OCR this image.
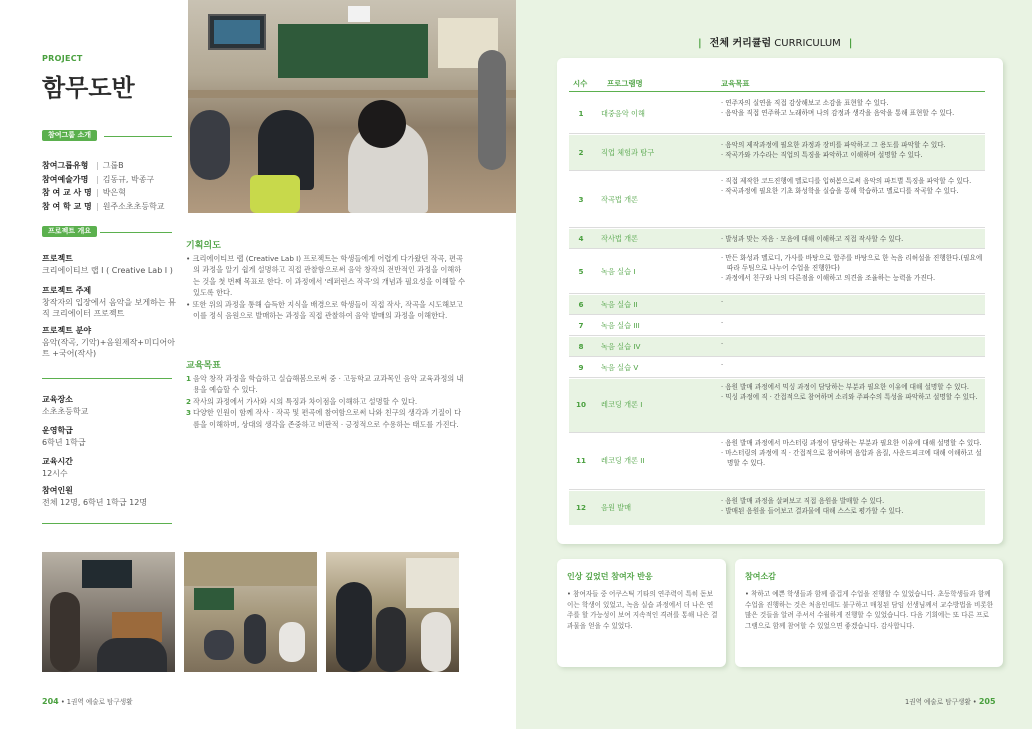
PROJECT
함무도반
참여그룹 소개
참여그룹유형 | 그룹B
참여예술가명 | 김동규, 박종구
참 여 교 사 명 | 박은혁
참 여 학 교 명 | 원주소초초등학교
프로젝트 개요
프로젝트
크리에이티브 랩 I ( Creative Lab I )
프로젝트 주제
창작자의 입장에서 음악을 보게하는 뮤직 크리에이터 프로젝트
프로젝트 분야
음악(작곡, 기악)+음원제작+미디어아트 +국어(작사)
교육장소
소초초등학교
운영학급
6학년 1학급
교육시간
12시수
참여인원
전체 12명, 6학년 1학급 12명
기획의도
• 크리에이티브 랩 (Creative Lab I) 프로젝트는 학생들에게 어렵게 다가왔던 작곡, 편곡의 과정을 알기 쉽게 설명하고 직접 관찰함으로써 음악 창작의 전반적인 과정을 이해하는 것을 첫 번째 목표로 한다. 이 과정에서 '레퍼런스 작곡'의 개념과 필요성을 이해할 수 있도록 한다.
• 또한 위의 과정을 통해 습득한 지식을 배경으로 학생들이 직접 작사, 작곡을 시도해보고 이를 정식 음원으로 발매하는 과정을 직접 관찰하여 음악 발매의 과정을 이해한다.
교육목표
1 음악 창작 과정을 학습하고 실습해봄으로써 중 · 고등학교 교과목인 음악 교육과정의 내용을 예습할 수 있다.
2 작사의 과정에서 가사와 시의 특징과 차이점을 이해하고 설명할 수 있다.
3 다양한 인원이 함께 작사 · 작곡 및 편곡에 참여함으로써 나와 친구의 생각과 기질이 다름을 이해하며, 상대의 생각을 존중하고 비판적 · 긍정적으로 수용하는 태도를 가진다.
204 • 1권역 예술로 탐구생활
| 전체 커리큘럼 CURRICULUM |
시수	프로그램명	교육목표
1	대중음악 이해
· 연주자의 실연을 직접 감상해보고 소감을 표현할 수 있다.
· 음악을 직접 연주하고 노래하며 나의 감정과 생각을 음악을 통해 표현할 수 있다.
2	직업 체험과 탐구
· 음악의 제작과정에 필요한 과정과 장비를 파악하고 그 용도를 파악할 수 있다.
· 작곡가와 가수라는 직업의 특징을 파악하고 이해하며 설명할 수 있다.
3	작곡법 개론
· 직접 제작한 코드진행에 멜로디를 입혀봄으로써 음악의 파트별 특징을 파악할 수 있다.
· 작곡과정에 필요한 기초 화성학을 실습을 통해 학습하고 멜로디를 작곡할 수 있다.
4	작사법 개론	· 발성과 맞는 자음 · 모음에 대해 이해하고 직접 작사할 수 있다.
5	녹음 실습 I
· 만든 화성과 멜로디, 가사를 바탕으로 합주를 바탕으로 한 녹음 리허설을 진행한다.(필요에 따라 두팀으로 나누어 수업을 진행한다)
· 과정에서 친구와 나의 다른점을 이해하고 의견을 조율하는 능력을 가진다.
6	녹음 실습 II	·
7	녹음 실습 III	·
8	녹음 실습 IV	·
9	녹음 실습 V	·
10	레코딩 개론 I
· 음원 발매 과정에서 믹싱 과정이 담당하는 부분과 필요한 이유에 대해 설명할 수 있다.
· 믹싱 과정에 직 · 간접적으로 참여하며 소리와 주파수의 특성을 파악하고 설명할 수 있다.
11	레코딩 개론 II
· 음원 발매 과정에서 마스터링 과정이 담당하는 부분과 필요한 이유에 대해 설명할 수 있다.
· 마스터링의 과정에 직 · 간접적으로 참여하며 음압과 음질, 사운드피크에 대해 이해하고 설명할 수 있다.
12	음원 발매
· 음원 발매 과정을 살펴보고 직접 음원을 발매할 수 있다.
· 발매된 음원을 들어보고 결과물에 대해 스스로 평가할 수 있다.
인상 깊었던 참여자 반응
• 참여자들 중 어쿠스틱 기타의 연주력이 특히 돋보이는 학생이 있었고, 녹음 실습 과정에서 더 나은 연주를 할 가능성이 보여 지속적인 격려를 통해 나은 결과물을 얻을 수 있었다.
참여소감
• 착하고 예쁜 학생들과 함께 즐겁게 수업을 진행할 수 있었습니다. 초등학생들과 함께 수업을 진행하는 것은 처음인데도 불구하고 매칭된 담임 선생님께서 교수방법을 비롯한 많은 것들을 알려 주셔서 수월하게 진행할 수 있었습니다. 다음 기회에는 또 다른 프로그램으로 함께 참여할 수 있었으면 좋겠습니다. 감사합니다.
1권역 예술로 탐구생활 • 205
